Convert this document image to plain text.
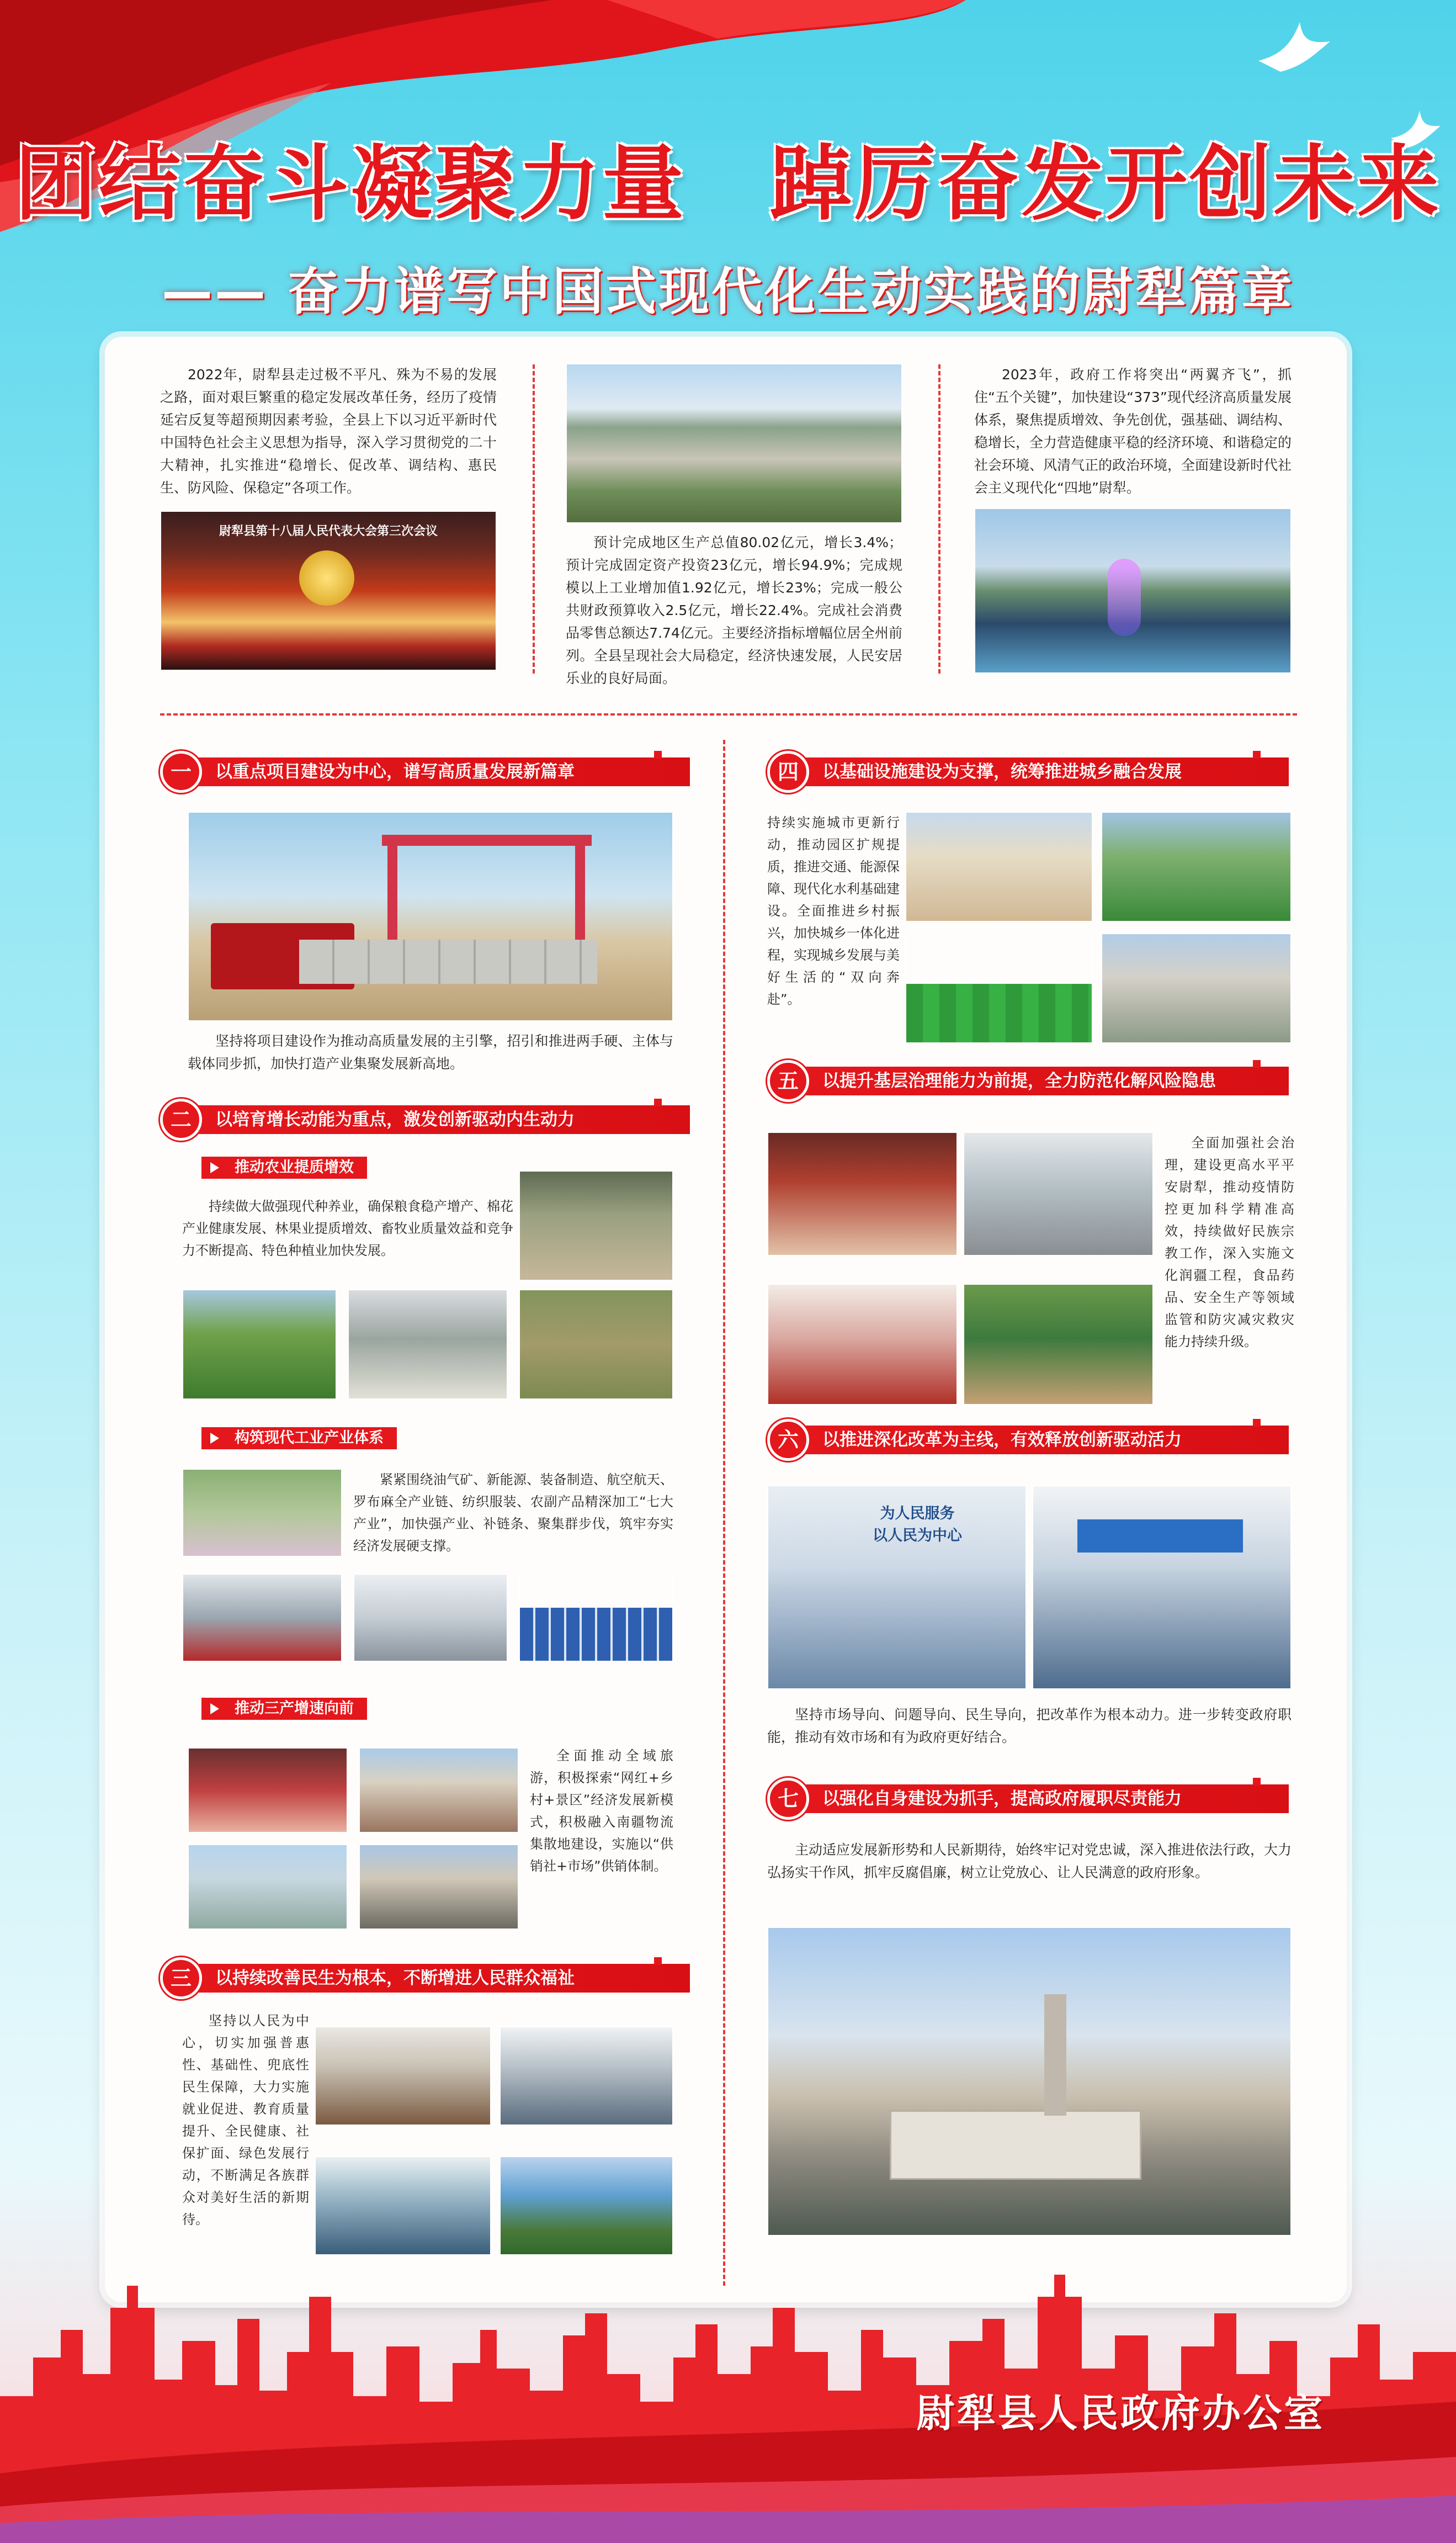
团结奋斗凝聚力量　踔厉奋发开创未来
—— 奋力谱写中国式现代化生动实践的尉犁篇章
2022年，尉犁县走过极不平凡、殊为不易的发展之路，面对艰巨繁重的稳定发展改革任务，经历了疫情延宕反复等超预期因素考验，全县上下以习近平新时代中国特色社会主义思想为指导，深入学习贯彻党的二十大精神，扎实推进“稳增长、促改革、调结构、惠民生、防风险、保稳定”各项工作。
尉犁县第十八届人民代表大会第三次会议
预计完成地区生产总值80.02亿元，增长3.4%；预计完成固定资产投资23亿元，增长94.9%；完成规模以上工业增加值1.92亿元，增长23%；完成一般公共财政预算收入2.5亿元，增长22.4%。完成社会消费品零售总额达7.74亿元。主要经济指标增幅位居全州前列。全县呈现社会大局稳定，经济快速发展，人民安居乐业的良好局面。
2023年，政府工作将突出“两翼齐飞”，抓住“五个关键”，加快建设“373”现代经济高质量发展体系，聚焦提质增效、争先创优，强基础、调结构、稳增长，全力营造健康平稳的经济环境、和谐稳定的社会环境、风清气正的政治环境，全面建设新时代社会主义现代化“四地”尉犁。
以重点项目建设为中心，谱写高质量发展新篇章
一
坚持将项目建设作为推动高质量发展的主引擎，招引和推进两手硬、主体与载体同步抓，加快打造产业集聚发展新高地。
以培育增长动能为重点，激发创新驱动内生动力
二
推动农业提质增效
持续做大做强现代种养业，确保粮食稳产增产、棉花产业健康发展、林果业提质增效、畜牧业质量效益和竞争力不断提高、特色种植业加快发展。
构筑现代工业产业体系
紧紧围绕油气矿、新能源、装备制造、航空航天、罗布麻全产业链、纺织服装、农副产品精深加工“七大产业”，加快强产业、补链条、聚集群步伐，筑牢夯实经济发展硬支撑。
推动三产增速向前
全面推动全域旅游，积极探索“网红+乡村+景区”经济发展新模式，积极融入南疆物流集散地建设，实施以“供销社+市场”供销体制。
以持续改善民生为根本，不断增进人民群众福祉
三
坚持以人民为中心，切实加强普惠性、基础性、兜底性民生保障，大力实施就业促进、教育质量提升、全民健康、社保扩面、绿色发展行动，不断满足各族群众对美好生活的新期待。
以基础设施建设为支撑，统筹推进城乡融合发展
四
持续实施城市更新行动，推动园区扩规提质，推进交通、能源保障、现代化水利基础建设。全面推进乡村振兴，加快城乡一体化进程，实现城乡发展与美好生活的“双向奔赴”。
以提升基层治理能力为前提，全力防范化解风险隐患
五
全面加强社会治理，建设更高水平平安尉犁，推动疫情防控更加科学精准高效，持续做好民族宗教工作，深入实施文化润疆工程，食品药品、安全生产等领域监管和防灾减灾救灾能力持续升级。
以推进深化改革为主线，有效释放创新驱动活力
六
为人民服务
以人民为中心
坚持市场导向、问题导向、民生导向，把改革作为根本动力。进一步转变政府职能，推动有效市场和有为政府更好结合。
以强化自身建设为抓手，提高政府履职尽责能力
七
主动适应发展新形势和人民新期待，始终牢记对党忠诚，深入推进依法行政，大力弘扬实干作风，抓牢反腐倡廉，树立让党放心、让人民满意的政府形象。
尉犁县人民政府办公室
